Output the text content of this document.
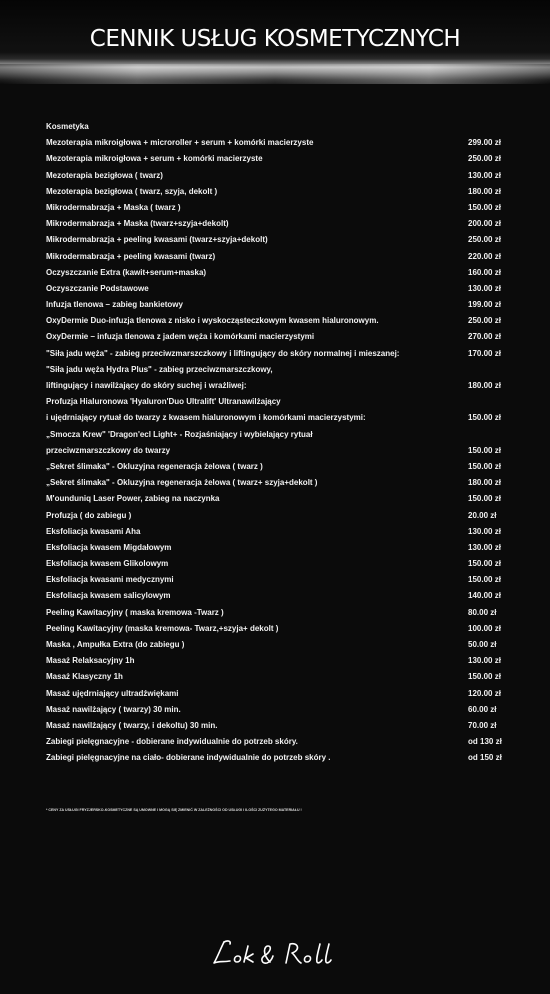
CENNIK USŁUG KOSMETYCZNYCH
Kosmetyka
Mezoterapia mikroigłowa + microroller + serum + komórki macierzyste	299.00 zł
Mezoterapia mikroigłowa + serum + komórki macierzyste	250.00 zł
Mezoterapia bezigłowa ( twarz)	130.00 zł
Mezoterapia bezigłowa ( twarz, szyja, dekolt )	180.00 zł
Mikrodermabrazja + Maska ( twarz )	150.00 zł
Mikrodermabrazja + Maska (twarz+szyja+dekolt)	200.00 zł
Mikrodermabrazja + peeling kwasami (twarz+szyja+dekolt)	250.00 zł
Mikrodermabrazja + peeling kwasami (twarz)	220.00 zł
Oczyszczanie Extra (kawit+serum+maska)	160.00 zł
Oczyszczanie Podstawowe	130.00 zł
Infuzja tlenowa – zabieg bankietowy	199.00 zł
OxyDermie Duo-infuzja tlenowa z nisko i wyskocząsteczkowym kwasem hialuronowym.	250.00 zł
OxyDermie – infuzja tlenowa z jadem węża i komórkami macierzystymi	270.00 zł
"Siła jadu węża" - zabieg przeciwzmarszczkowy i liftingujący do skóry normalnej i mieszanej:	170.00 zł
"Siła jadu węża Hydra Plus" - zabieg przeciwzmarszczkowy,
liftingujący i nawilżający do skóry suchej i wrażliwej:	180.00 zł
Profuzja Hialuronowa 'Hyaluron'Duo Ultralift' Ultranawilżający
i ujędrniający rytuał do twarzy z kwasem hialuronowym i komórkami macierzystymi:	150.00 zł
„Smocza Krew" 'Dragon'ecl Light+ - Rozjaśniający i wybielający rytuał
przeciwzmarszczkowy do twarzy	150.00 zł
„Sekret ślimaka" - Okluzyjna regeneracja żelowa ( twarz )	150.00 zł
„Sekret ślimaka" - Okluzyjna regeneracja żelowa ( twarz+ szyja+dekolt )	180.00 zł
M'ounduniq Laser Power, zabieg na naczynka	150.00 zł
Profuzja ( do zabiegu )	20.00 zł
Eksfoliacja kwasami Aha	130.00 zł
Eksfoliacja kwasem Migdałowym	130.00 zł
Eksfoliacja kwasem Glikolowym	150.00 zł
Eksfoliacja kwasami medycznymi	150.00 zł
Eksfoliacja kwasem salicylowym	140.00 zł
Peeling Kawitacyjny ( maska kremowa -Twarz )	80.00 zł
Peeling Kawitacyjny (maska kremowa- Twarz,+szyja+ dekolt )	100.00 zł
Maska , Ampułka Extra (do zabiegu )	50.00 zł
Masaż Relaksacyjny 1h	130.00 zł
Masaż Klasyczny 1h	150.00 zł
Masaż ujędrniający ultradźwiękami	120.00 zł
Masaż nawilżający ( twarzy) 30 min.	60.00 zł
Masaż nawilżający ( twarzy, i dekoltu) 30 min.	70.00 zł
Zabiegi pielęgnacyjne - dobierane indywidualnie do potrzeb skóry.	od 130 zł
Zabiegi pielęgnacyjne na ciało- dobierane indywidualnie do potrzeb skóry .	od 150 zł
* CENY ZA USŁUGI FRYZJERSKO-KOSMETYCZNE SĄ UMOWNE I MOGĄ SIĘ ZMIENIĆ W ZALEŻNOŚCI OD USŁUGI I ILOŚCI ZUŻYTEGO MATERIAŁU !
